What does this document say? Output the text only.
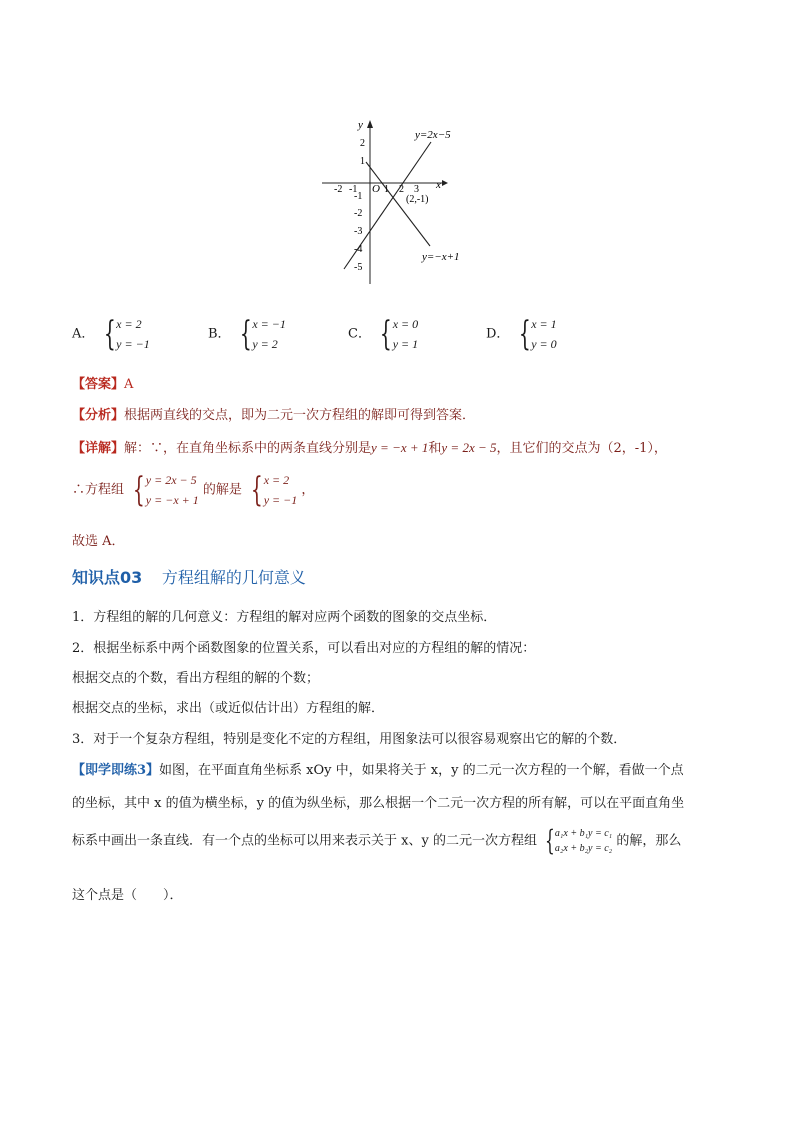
y
x
O
-2 -1	1 2 3
2
1
-1
-2
-3
-4
-5
y=2x−5
y=−x+1
(2,-1)
A． { x = 2
y = −1
B． { x = −1
y = 2
C． { x = 0
y = 1
D． { x = 1
y = 0
【答案】A
【分析】根据两直线的交点，即为二元一次方程组的解即可得到答案．
【详解】解：∵，在直角坐标系中的两条直线分别是y = −x + 1和y = 2x − 5，且它们的交点为（2，-1），
∴方程组 { y = 2x − 5
y = −x + 1
的解是 { x = 2
y = −1
，
故选 A．
知识点03 方程组解的几何意义
1．方程组的解的几何意义：方程组的解对应两个函数的图象的交点坐标．
2．根据坐标系中两个函数图象的位置关系，可以看出对应的方程组的解的情况：
根据交点的个数，看出方程组的解的个数；
根据交点的坐标，求出（或近似估计出）方程组的解．
3．对于一个复杂方程组，特别是变化不定的方程组，用图象法可以很容易观察出它的解的个数．
【即学即练3】如图，在平面直角坐标系 xOy 中，如果将关于 x，y 的二元一次方程的一个解，看做一个点
的坐标，其中 x 的值为横坐标，y 的值为纵坐标，那么根据一个二元一次方程的所有解，可以在平面直角坐
标系中画出一条直线．有一个点的坐标可以用来表示关于 x、y 的二元一次方程组 { a₁x + b₁y = c₁
a₂x + b₂y = c₂ 的解，那么
这个点是（　　）．
